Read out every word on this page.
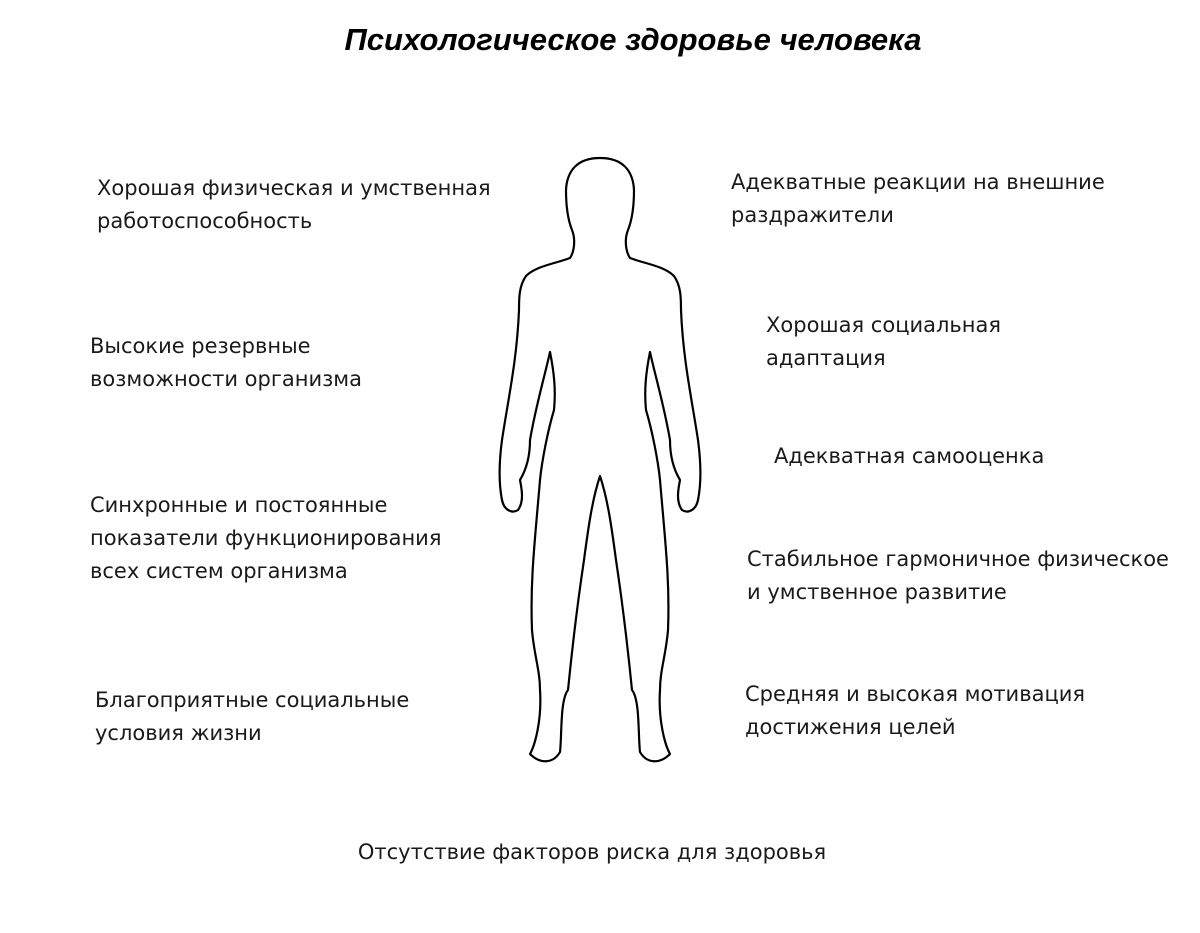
Психологическое здоровье человека
Хорошая физическая и умственная
работоспособность
Высокие резервные
возможности организма
Синхронные и постоянные
показатели функционирования
всех систем организма
Благоприятные социальные
условия жизни
Адекватные реакции на внешние
раздражители
Хорошая социальная
адаптация
Адекватная самооценка
Стабильное гармоничное физическое
и умственное развитие
Средняя и высокая мотивация
достижения целей
Отсутствие факторов риска для здоровья
